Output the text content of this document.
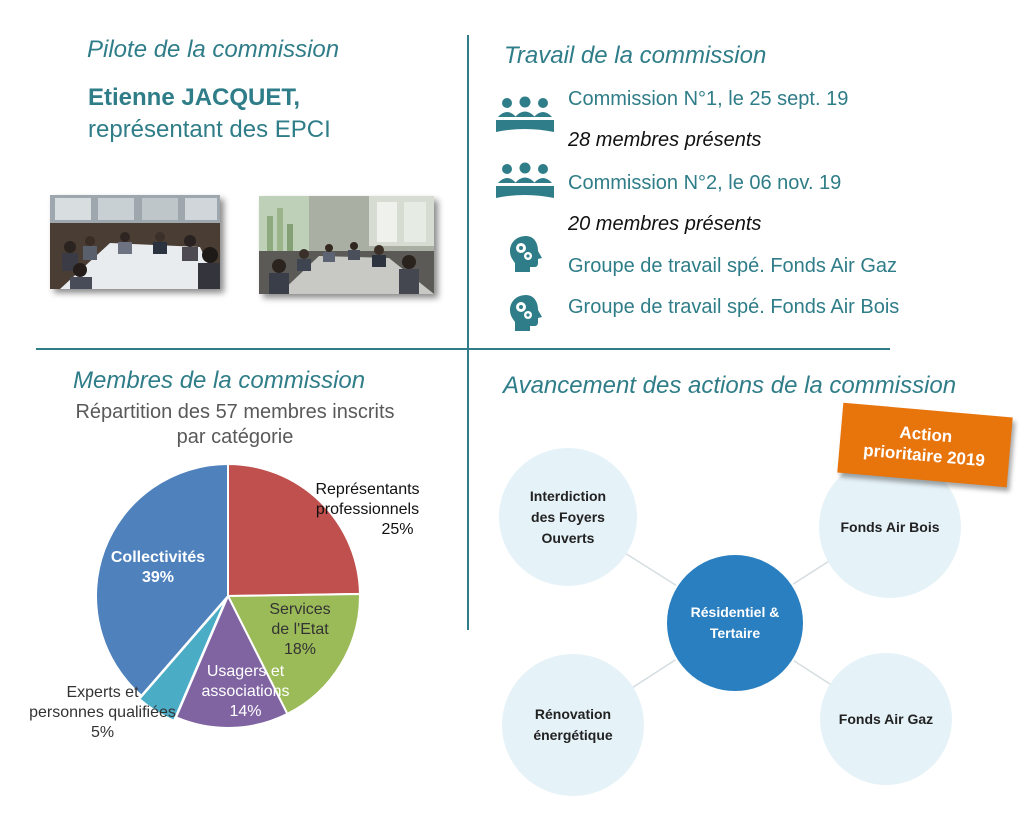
Pilote de la commission
Etienne JACQUET,
représentant des EPCI
Travail de la commission
Commission N°1, le 25 sept. 19
28 membres présents
Commission N°2, le 06 nov. 19
20 membres présents
Groupe de travail spé. Fonds Air Gaz
Groupe de travail spé. Fonds Air Bois
Membres de la commission
Répartition des 57 membres inscrits
par catégorie
Représentants
professionnels
25%
Services
de l'Etat
18%
Usagers et
associations
14%
Experts et
personnes qualifiées
5%
Collectivités
39%
Avancement des actions de la commission
Interdiction des Foyers Ouverts
Fonds Air Bois
Rénovation énergétique
Fonds Air Gaz
Résidentiel & Tertaire
Action
prioritaire 2019
